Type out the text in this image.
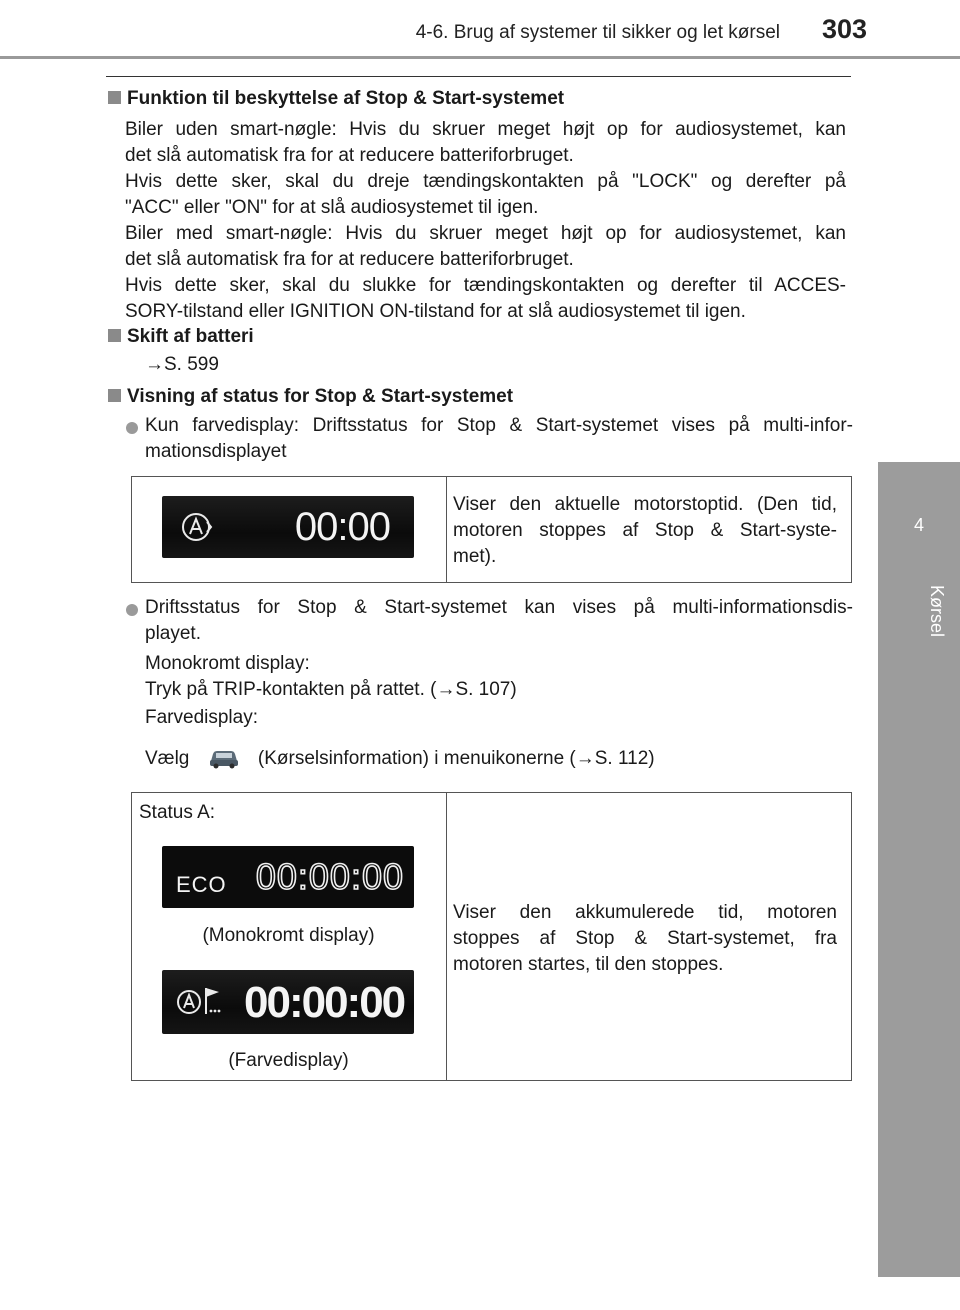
4-6. Brug af systemer til sikker og let kørsel 303
4
Kørsel
Funktion til beskyttelse af Stop & Start-systemet
Biler uden smart-nøgle: Hvis du skruer meget højt op for audiosystemet, kan
det slå automatisk fra for at reducere batteriforbruget.
Hvis dette sker, skal du dreje tændingskontakten på "LOCK" og derefter på
"ACC" eller "ON" for at slå audiosystemet til igen.
Biler med smart-nøgle: Hvis du skruer meget højt op for audiosystemet, kan
det slå automatisk fra for at reducere batteriforbruget.
Hvis dette sker, skal du slukke for tændingskontakten og derefter til ACCES-
SORY-tilstand eller IGNITION ON-tilstand for at slå audiosystemet til igen.
Skift af batteri
→S. 599
Visning af status for Stop & Start-systemet
Kun farvedisplay: Driftsstatus for Stop & Start-systemet vises på multi-infor-
mationsdisplayet
00:00
Viser den aktuelle motorstoptid. (Den tid,
motoren stoppes af Stop & Start-syste-
met).
Driftsstatus for Stop & Start-systemet kan vises på multi-informationsdis-
playet.
Monokromt display:
Tryk på TRIP-kontakten på rattet. (→S. 107)
Farvedisplay:
Vælg	(Kørselsinformation) i menuikonerne (→S. 112)
Status A:
ECO 00:00:00
(Monokromt display)
00:00:00
(Farvedisplay)
Viser den akkumulerede tid, motoren
stoppes af Stop & Start-systemet, fra
motoren startes, til den stoppes.
